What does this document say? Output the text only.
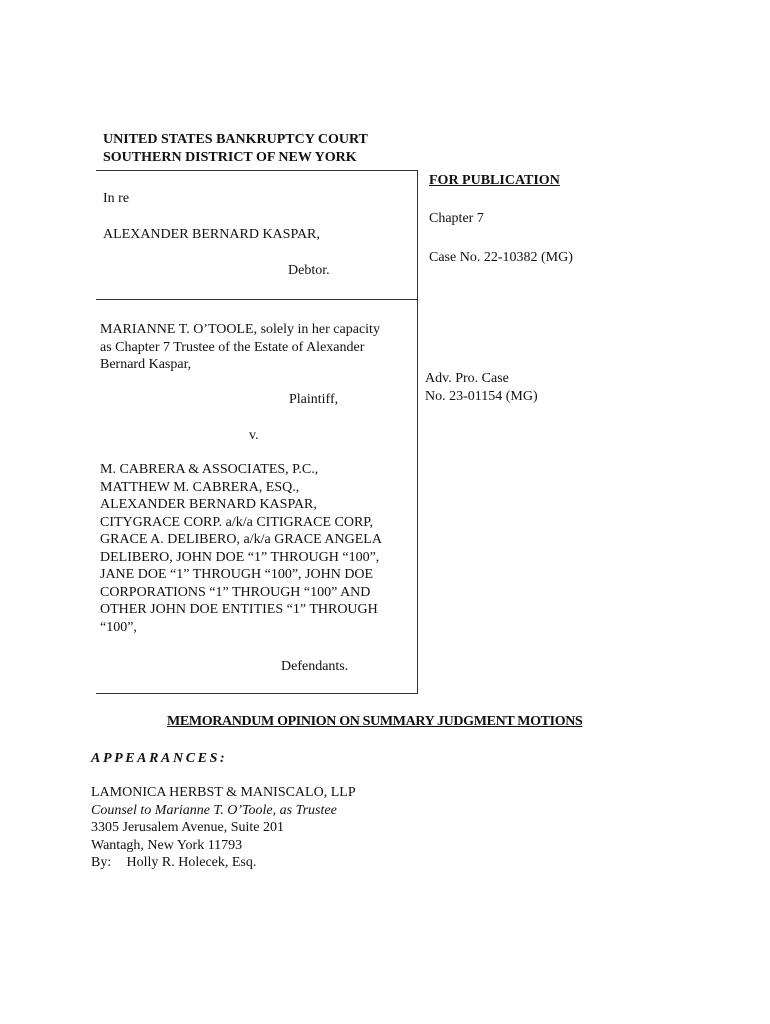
UNITED STATES BANKRUPTCY COURT
SOUTHERN DISTRICT OF NEW YORK
In re
ALEXANDER BERNARD KASPAR,
Debtor.
MARIANNE T. O’TOOLE, solely in her capacity
as Chapter 7 Trustee of the Estate of Alexander
Bernard Kaspar,
Plaintiff,
v.
M. CABRERA & ASSOCIATES, P.C.,
MATTHEW M. CABRERA, ESQ.,
ALEXANDER BERNARD KASPAR,
CITYGRACE CORP. a/k/a CITIGRACE CORP,
GRACE A. DELIBERO, a/k/a GRACE ANGELA
DELIBERO, JOHN DOE “1” THROUGH “100”,
JANE DOE “1” THROUGH “100”, JOHN DOE
CORPORATIONS “1” THROUGH “100” AND
OTHER JOHN DOE ENTITIES “1” THROUGH
“100”,
Defendants.
FOR PUBLICATION
Chapter 7
Case No. 22-10382 (MG)
Adv. Pro. Case
No. 23-01154 (MG)
MEMORANDUM OPINION ON SUMMARY JUDGMENT MOTIONS
APPEARANCES:
LAMONICA HERBST & MANISCALO, LLP
Counsel to Marianne T. O’Toole, as Trustee
3305 Jerusalem Avenue, Suite 201
Wantagh, New York 11793
By: Holly R. Holecek, Esq.
